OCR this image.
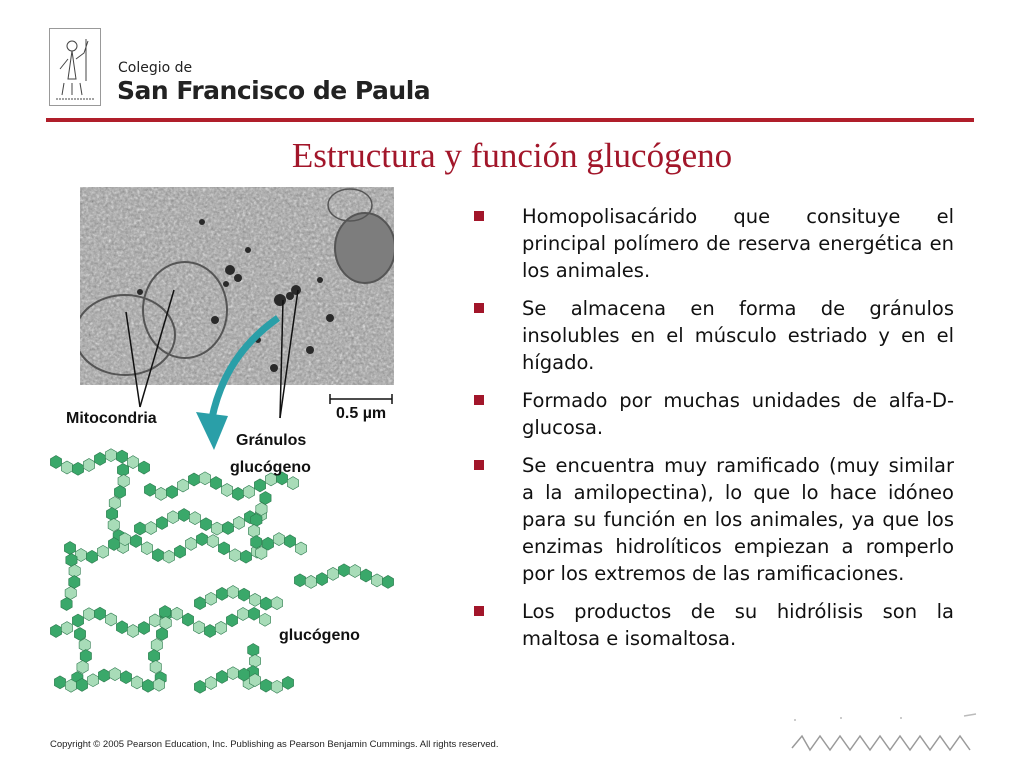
Colegio de
San Francisco de Paula
Estructura y función glucógeno
Mitocondria	0.5 µm
Gránulos
glucógeno
glucógeno
Homopolisacárido que consituye el principal polímero de reserva energética en los animales.
Se almacena en forma de gránulos insolubles en el músculo estriado y en el hígado.
Formado por muchas unidades de alfa-D-glucosa.
Se encuentra muy ramificado (muy similar a la amilopectina), lo que lo hace idóneo para su función en los animales, ya que los enzimas hidrolíticos empiezan a romperlo por los extremos de las ramificaciones.
Los productos de su hidrólisis son la maltosa e isomaltosa.
Copyright © 2005 Pearson Education, Inc. Publishing as Pearson Benjamin Cummings. All rights reserved.
